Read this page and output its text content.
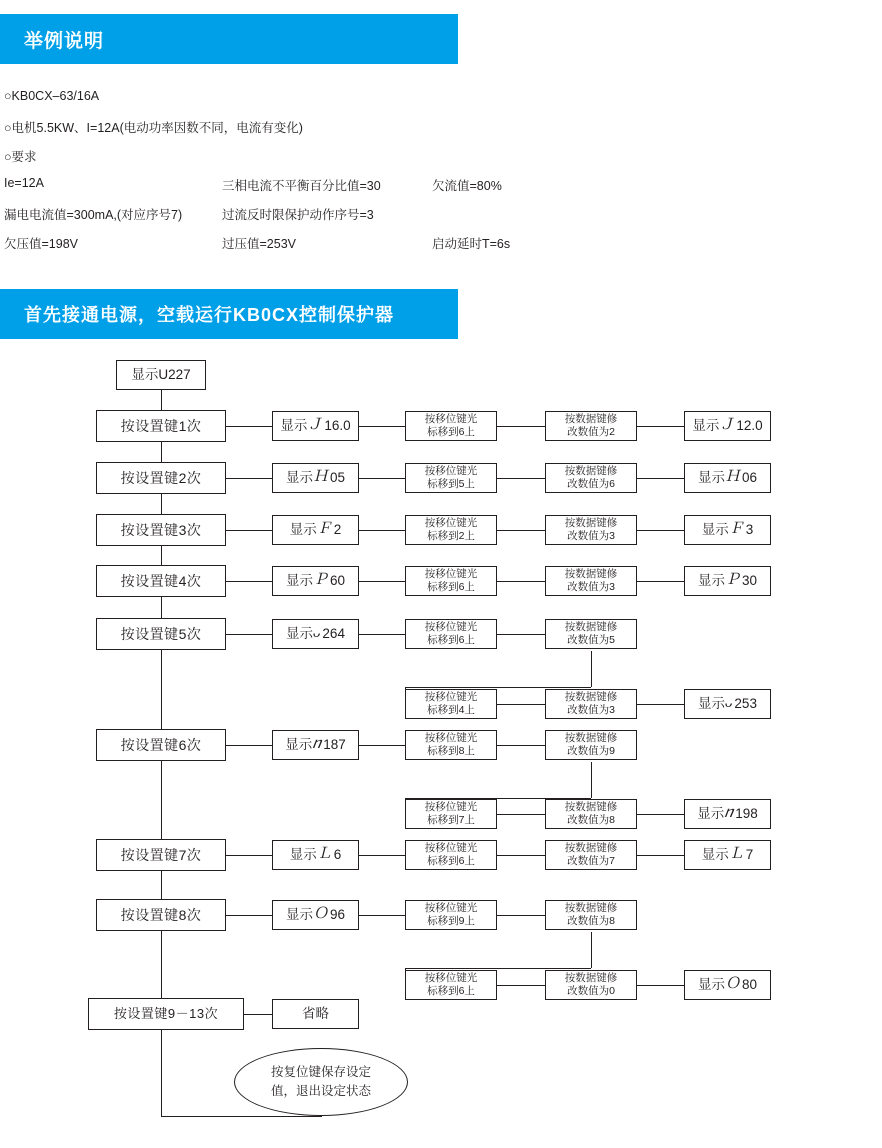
举例说明
○KB0CX–63/16A
○电机5.5KW、I=12A(电动功率因数不同，电流有变化)
○要求
Ie=12A	三相电流不平衡百分比值=30	欠流值=80%
漏电电流值=300mA,(对应序号7)	过流反时限保护动作序号=3
欠压值=198V	过压值=253V	启动延时T=6s
首先接通电源，空载运行KB0CX控制保护器
显示U227
按设置键1次	显示 Ｊ 16.0	按移位键光
标移到6上
按数据键修
改数值为2	显示 Ｊ 12.0
按设置键2次	显示 Ｈ 05	按移位键光
标移到5上
按数据键修
改数值为6	显示 Ｈ 06
按设置键3次	显示 Ｆ 2	按移位键光
标移到2上
按数据键修
改数值为3	显示 Ｆ 3
按设置键4次	显示 Ｐ 60	按移位键光
标移到6上
按数据键修
改数值为3	显示 Ｐ 30
按设置键5次	显示 ᴗ 264	按移位键光
标移到6上
按数据键修
改数值为5
按移位键光
标移到4上
按数据键修
改数值为3	显示 ᴗ 253
按设置键6次	显示 ⴖ 187	按移位键光
标移到8上
按数据键修
改数值为9
按移位键光
标移到7上
按数据键修
改数值为8	显示 ⴖ 198
按设置键7次	显示 Ｌ 6	按移位键光
标移到6上
按数据键修
改数值为7	显示 Ｌ 7
按设置键8次	显示 Ｏ 96	按移位键光
标移到9上
按数据键修
改数值为8
按移位键光
标移到6上
按数据键修
改数值为0	显示 Ｏ 80
按设置键9－13次	省略
按复位键保存设定
值，退出设定状态
